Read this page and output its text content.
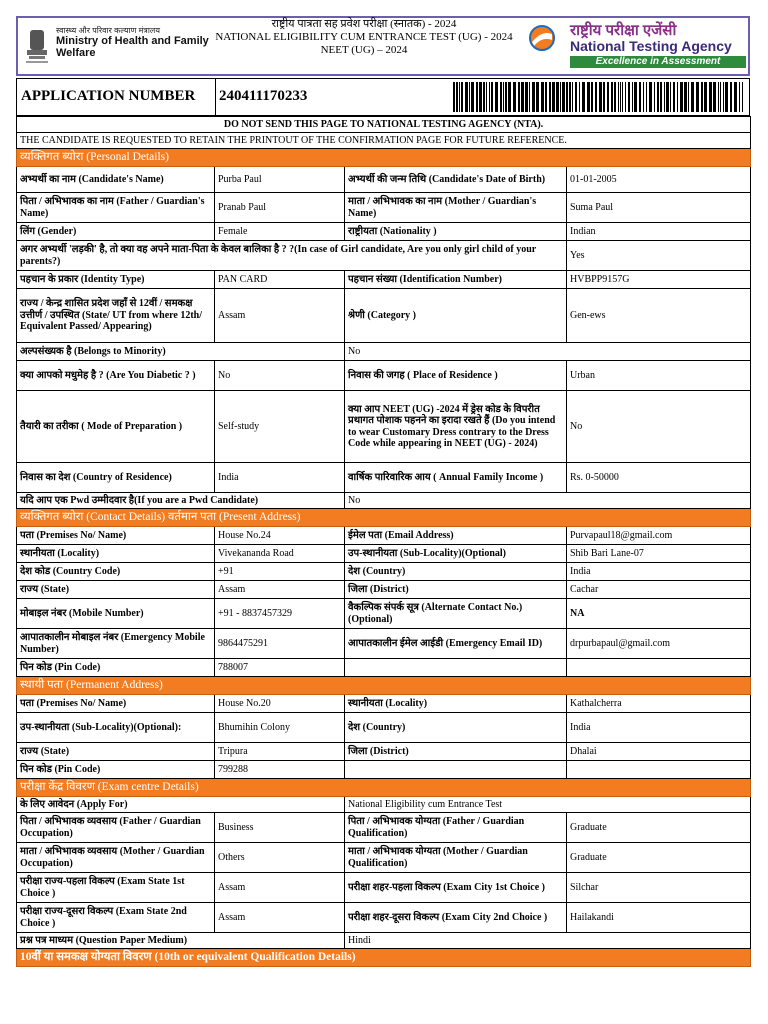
स्वास्थ्य और परिवार कल्याण मंत्रालय
Ministry of Health and Family Welfare
राष्ट्रीय पात्रता सह प्रवेश परीक्षा (स्नातक) - 2024
NATIONAL ELIGIBILITY CUM ENTRANCE TEST (UG) - 2024
NEET (UG) – 2024
राष्ट्रीय परीक्षा एजेंसी
National Testing Agency
Excellence in Assessment
APPLICATION NUMBER 240411170233
DO NOT SEND THIS PAGE TO NATIONAL TESTING AGENCY (NTA).			
THE CANDIDATE IS REQUESTED TO RETAIN THE PRINTOUT OF THE CONFIRMATION PAGE FOR FUTURE REFERENCE.			
व्यक्तिगत ब्योरा (Personal Details)			
अभ्यर्थी का नाम (Candidate's Name)	Purba Paul	अभ्यर्थी की जन्म तिथि (Candidate's Date of Birth)	01-01-2005
पिता / अभिभावक का नाम (Father / Guardian's Name)	Pranab Paul	माता / अभिभावक का नाम (Mother / Guardian's Name)	Suma Paul
लिंग (Gender)	Female	राष्ट्रीयता (Nationality )	Indian
अगर अभ्यर्थी 'लड़की' है, तो क्या वह अपने माता-पिता के केवल बालिका है ? ?(In case of Girl candidate, Are you only girl child of your parents?)			Yes
पहचान के प्रकार (Identity Type)	PAN CARD	पहचान संख्या (Identification Number)	HVBPP9157G
राज्य / केन्द्र शासित प्रदेश जहाँ से 12वीं / समकक्ष उत्तीर्ण / उपस्थित (State/ UT from where 12th/ Equivalent Passed/ Appearing)	Assam	श्रेणी (Category )	Gen-ews
अल्पसंख्यक है (Belongs to Minority)		No	
क्या आपको मधुमेह है ? (Are You Diabetic ? )	No	निवास की जगह ( Place of Residence )	Urban
तैयारी का तरीका ( Mode of Preparation )	Self-study	क्या आप NEET (UG) -2024 में ड्रेस कोड के विपरीत प्रथागत पोशाक पहनने का इरादा रखते हैं (Do you intend to wear Customary Dress contrary to the Dress Code while appearing in NEET (UG) - 2024)	No
निवास का देश (Country of Residence)	India	वार्षिक पारिवारिक आय ( Annual Family Income )	Rs. 0-50000
यदि आप एक Pwd उम्मीदवार है(If you are a Pwd Candidate)		No	
व्यक्तिगत ब्योरा (Contact Details) वर्तमान पता (Present Address)			
पता (Premises No/ Name)	House No.24	ईमेल पता (Email Address)	Purvapaul18@gmail.com
स्थानीयता (Locality)	Vivekananda Road	उप-स्थानीयता (Sub-Locality)(Optional)	Shib Bari Lane-07
देश कोड (Country Code)	+91	देश (Country)	India
राज्य (State)	Assam	जिला (District)	Cachar
मोबाइल नंबर (Mobile Number)	+91 - 8837457329	वैकल्पिक संपर्क सूत्र (Alternate Contact No.) (Optional)	NA
आपातकालीन मोबाइल नंबर (Emergency Mobile Number)	9864475291	आपातकालीन ईमेल आईडी (Emergency Email ID)	drpurbapaul@gmail.com
पिन कोड (Pin Code)	788007		
स्थायी पता (Permanent Address)			
पता (Premises No/ Name)	House No.20	स्थानीयता (Locality)	Kathalcherra
उप-स्थानीयता (Sub-Locality)(Optional):	Bhumihin Colony	देश (Country)	India
राज्य (State)	Tripura	जिला (District)	Dhalai
पिन कोड (Pin Code)	799288		
परीक्षा केंद्र विवरण (Exam centre Details)			
के लिए आवेदन (Apply For)		National Eligibility cum Entrance Test	
पिता / अभिभावक व्यवसाय (Father / Guardian Occupation)	Business	पिता / अभिभावक योग्यता (Father / Guardian Qualification)	Graduate
माता / अभिभावक व्यवसाय (Mother / Guardian Occupation)	Others	माता / अभिभावक योग्यता (Mother / Guardian Qualification)	Graduate
परीक्षा राज्य-पहला विकल्प (Exam State 1st Choice )	Assam	परीक्षा शहर-पहला विकल्प (Exam City 1st Choice )	Silchar
परीक्षा राज्य-दूसरा विकल्प (Exam State 2nd Choice )	Assam	परीक्षा शहर-दूसरा विकल्प (Exam City 2nd Choice )	Hailakandi
प्रश्न पत्र माध्यम (Question Paper Medium)		Hindi	
10वीं या समकक्ष योग्यता विवरण (10th or equivalent Qualification Details)			
